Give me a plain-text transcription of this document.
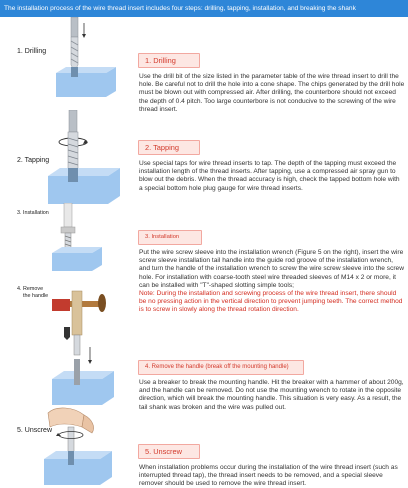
The installation process of the wire thread insert includes four steps: drilling, tapping, installation, and breaking the shank
1. Drilling
2. Tapping
3. Installation
4. Remove
the handle
5. Unscrew
1. Drilling
Use the drill bit of the size listed in the parameter table of the wire thread insert to drill the hole. Be careful not to drill the hole into a cone shape. The chips generated by the drill hole must be blown out with compressed air. After drilling, the counterbore should not exceed the depth of 0.4 pitch. Too large counterbore is not conducive to the screwing of the wire thread insert.
2. Tapping
Use special taps for wire thread inserts to tap. The depth of the tapping must exceed the installation length of the thread inserts. After tapping, use a compressed air spray gun to blow out the debris. When the thread accuracy is high, check the tapped bottom hole with a special bottom hole plug gauge for wire thread inserts.
3. Installation
Put the wire screw sleeve into the installation wrench (Figure 5 on the right), insert the wire screw sleeve installation tail handle into the guide rod groove of the installation wrench, and turn the handle of the installation wrench to screw the wire screw sleeve into the screw hole. For installation with coarse-tooth steel wire threaded sleeves of M14 x 2 or more, it can be installed with "T"-shaped slotting simple tools;
Note: During the installation and screwing process of the wire thread insert, there should be no pressing action in the vertical direction to prevent jumping teeth. The correct method is to screw in slowly along the thread rotation direction.
4. Remove the handle (break off the mounting handle)
Use a breaker to break the mounting handle. Hit the breaker with a hammer of about 200g, and the handle can be removed. Do not use the mounting wrench to rotate in the opposite direction, which will break the mounting handle. This situation is very easy. As a result, the tail shank was broken and the wire was pulled out.
5. Unscrew
When installation problems occur during the installation of the wire thread insert (such as interrupted thread tap), the thread insert needs to be removed, and a special sleeve remover should be used to remove the wire thread insert.
